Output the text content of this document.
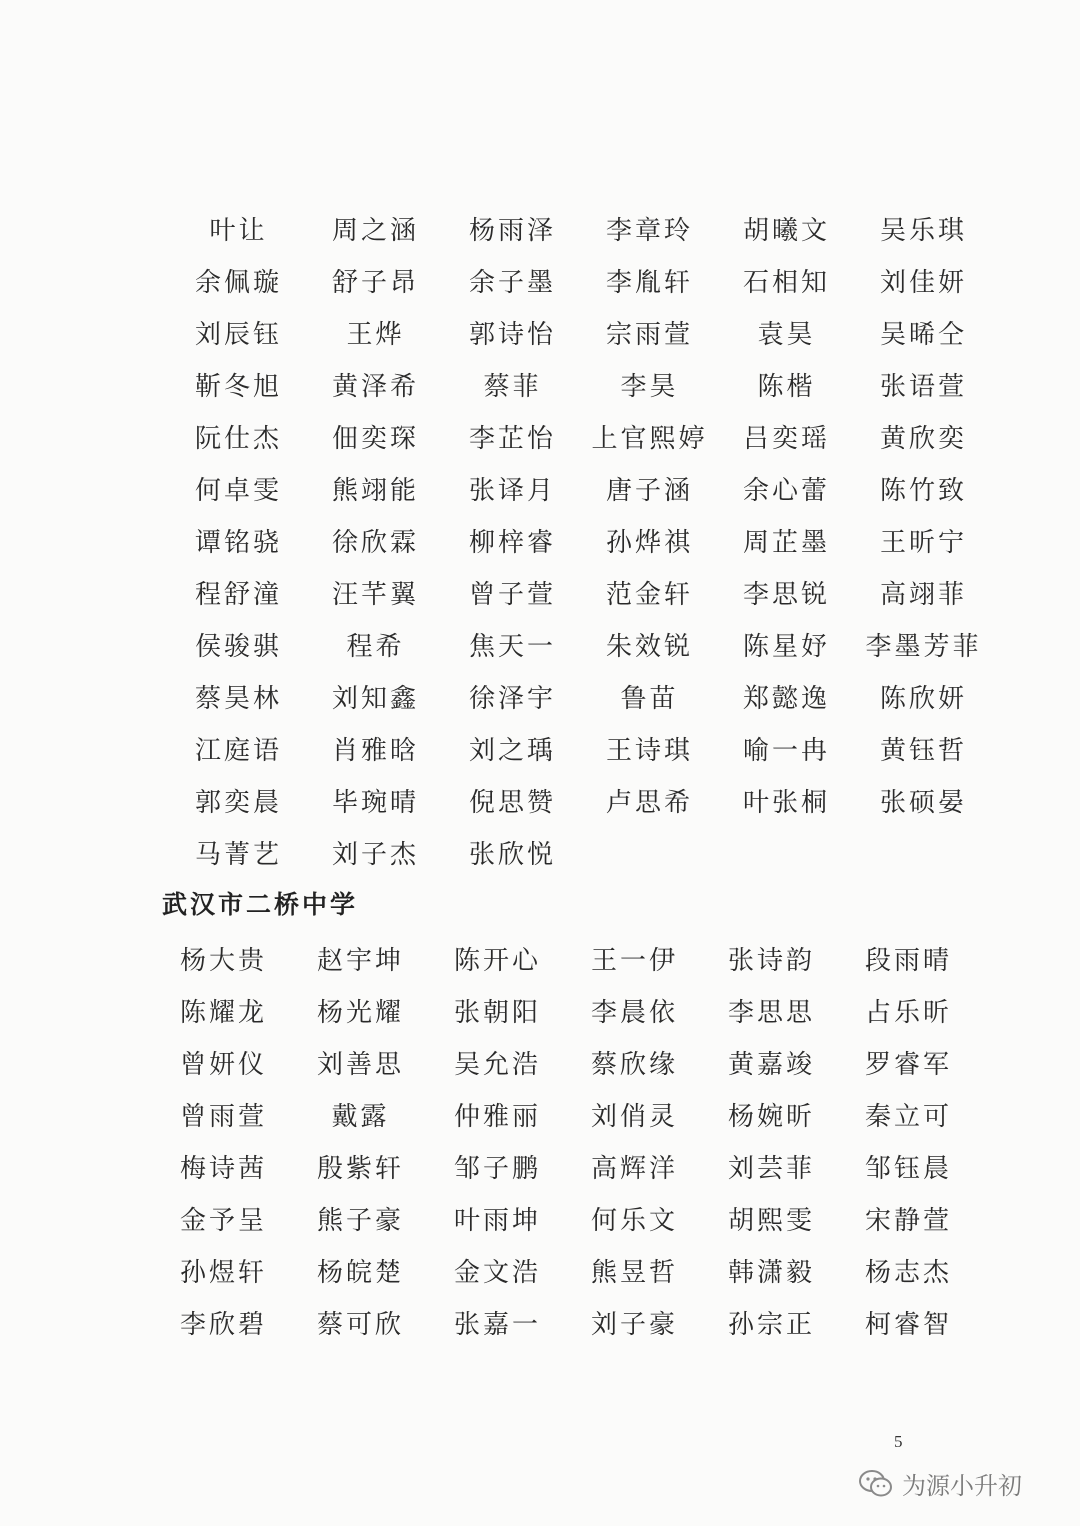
叶让	周之涵	杨雨泽	李章玲	胡曦文	吴乐琪
余佩璇	舒子昂	余子墨	李胤轩	石相知	刘佳妍
刘辰钰	王烨	郭诗怡	宗雨萱	袁昊	吴晞仝
靳冬旭	黄泽希	蔡菲	李昊	陈楷	张语萱
阮仕杰	佃奕琛	李芷怡	上官熙婷	吕奕瑶	黄欣奕
何卓雯	熊翊能	张译月	唐子涵	余心蕾	陈竹致
谭铭骁	徐欣霖	柳梓睿	孙烨祺	周芷墨	王昕宁
程舒潼	汪芊翼	曾子萱	范金轩	李思锐	高翊菲
侯骏骐	程希	焦天一	朱效锐	陈星妤	李墨芳菲
蔡昊林	刘知鑫	徐泽宇	鲁苗	郑懿逸	陈欣妍
江庭语	肖雅晗	刘之瑀	王诗琪	喻一冉	黄钰哲
郭奕晨	毕琬晴	倪思赞	卢思希	叶张桐	张硕晏
马菁艺	刘子杰	张欣悦
武汉市二桥中学
杨大贵	赵宇坤	陈开心	王一伊	张诗韵	段雨晴
陈耀龙	杨光耀	张朝阳	李晨依	李思思	占乐昕
曾妍仪	刘善思	吴允浩	蔡欣缘	黄嘉竣	罗睿军
曾雨萱	戴露	仲雅丽	刘俏灵	杨婉昕	秦立可
梅诗茜	殷紫轩	邹子鹏	高辉洋	刘芸菲	邹钰晨
金予呈	熊子豪	叶雨坤	何乐文	胡熙雯	宋静萱
孙煜轩	杨皖楚	金文浩	熊昱哲	韩潇毅	杨志杰
李欣碧	蔡可欣	张嘉一	刘子豪	孙宗正	柯睿智
5
为源小升初
